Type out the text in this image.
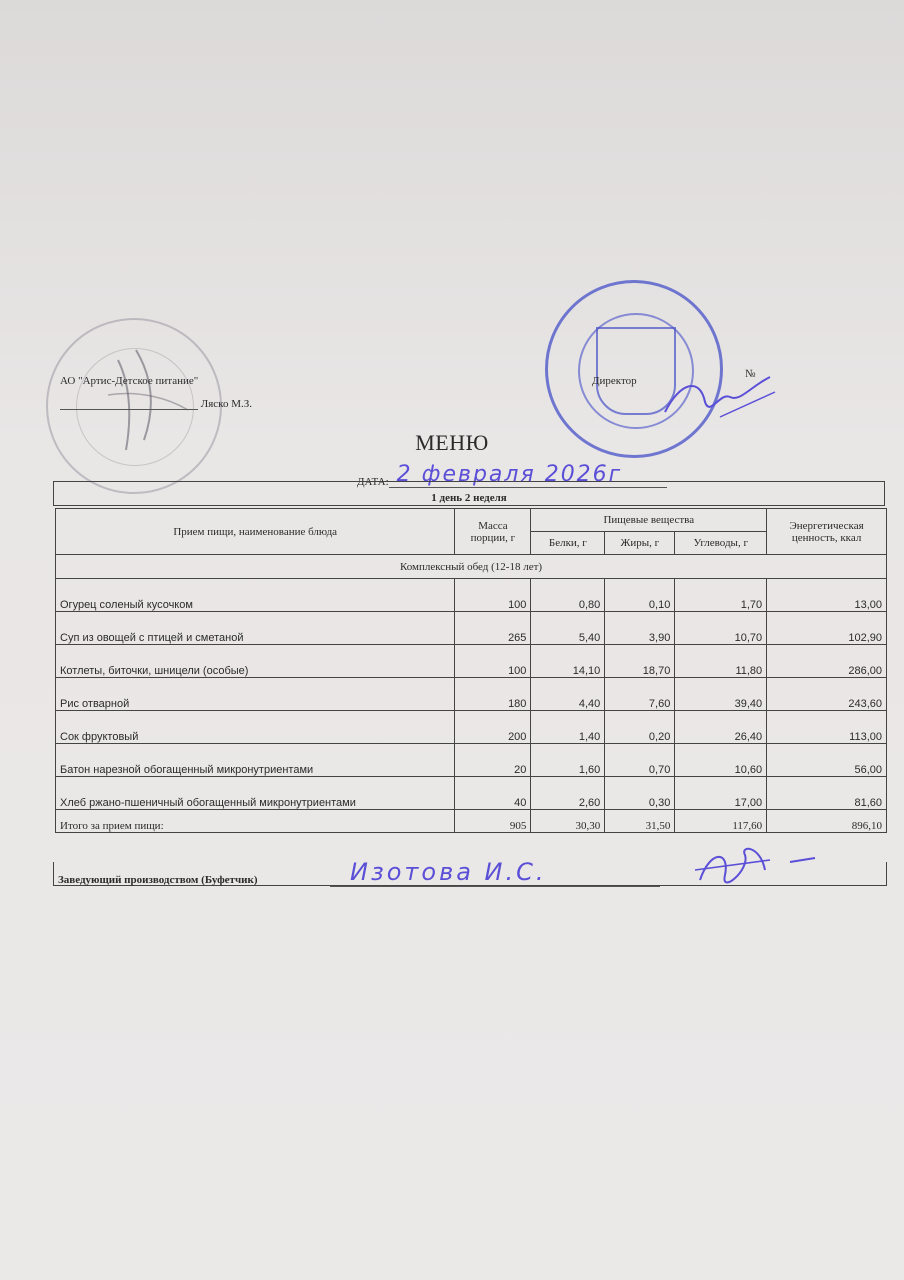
АО "Артис-Детское питание"
Ляско М.З.
Директор
№
МЕНЮ
ДАТА: 2 февраля 2026г
1 день 2 неделя
Прием пищи, наименование блюда	Масса порции, г	Пищевые вещества			Энергетическая ценность, ккал
		Белки, г	Жиры, г	Углеводы, г	
Комплексный обед (12-18 лет)					
Огурец соленый кусочком	100	0,80	0,10	1,70	13,00
Суп из овощей с птицей и сметаной	265	5,40	3,90	10,70	102,90
Котлеты, биточки, шницели (особые)	100	14,10	18,70	11,80	286,00
Рис отварной	180	4,40	7,60	39,40	243,60
Сок фруктовый	200	1,40	0,20	26,40	113,00
Батон нарезной обогащенный микронутриентами	20	1,60	0,70	10,60	56,00
Хлеб ржано-пшеничный обогащенный микронутриентами	40	2,60	0,30	17,00	81,60
Итого за прием пищи:	905	30,30	31,50	117,60	896,10
Заведующий производством (Буфетчик)	Изотова И.С.
